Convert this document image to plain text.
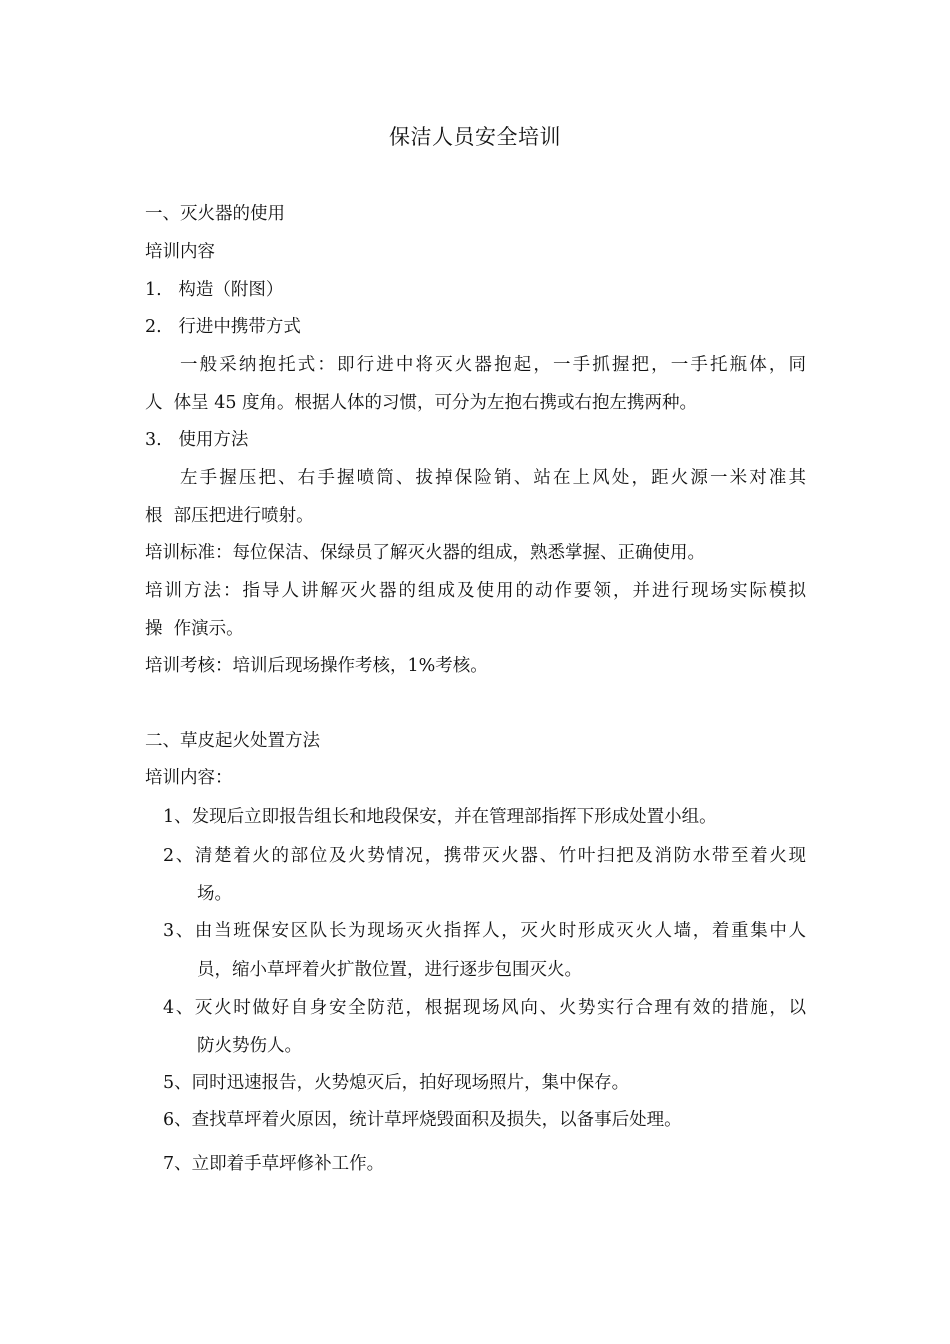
保洁人员安全培训
一、灭火器的使用
培训内容
1.   构造（附图）
2.   行进中携带方式
一般采纳抱托式：即行进中将灭火器抱起，一手抓握把，一手托瓶体，同
人  体呈 45 度角。根据人体的习惯，可分为左抱右携或右抱左携两种。
3.   使用方法
左手握压把、右手握喷筒、拔掉保险销、站在上风处，距火源一米对准其
根  部压把进行喷射。
培训标准：每位保洁、保绿员了解灭火器的组成，熟悉掌握、正确使用。
培训方法：指导人讲解灭火器的组成及使用的动作要领，并进行现场实际模拟
操  作演示。
培训考核：培训后现场操作考核，1%考核。
二、草皮起火处置方法
培训内容：
1、发现后立即报告组长和地段保安，并在管理部指挥下形成处置小组。
2、清楚着火的部位及火势情况，携带灭火器、竹叶扫把及消防水带至着火现
场。
3、由当班保安区队长为现场灭火指挥人，灭火时形成灭火人墙，着重集中人
员，缩小草坪着火扩散位置，进行逐步包围灭火。
4、灭火时做好自身安全防范，根据现场风向、火势实行合理有效的措施，以
防火势伤人。
5、同时迅速报告，火势熄灭后，拍好现场照片，集中保存。
6、查找草坪着火原因，统计草坪烧毁面积及损失，以备事后处理。
7、立即着手草坪修补工作。
